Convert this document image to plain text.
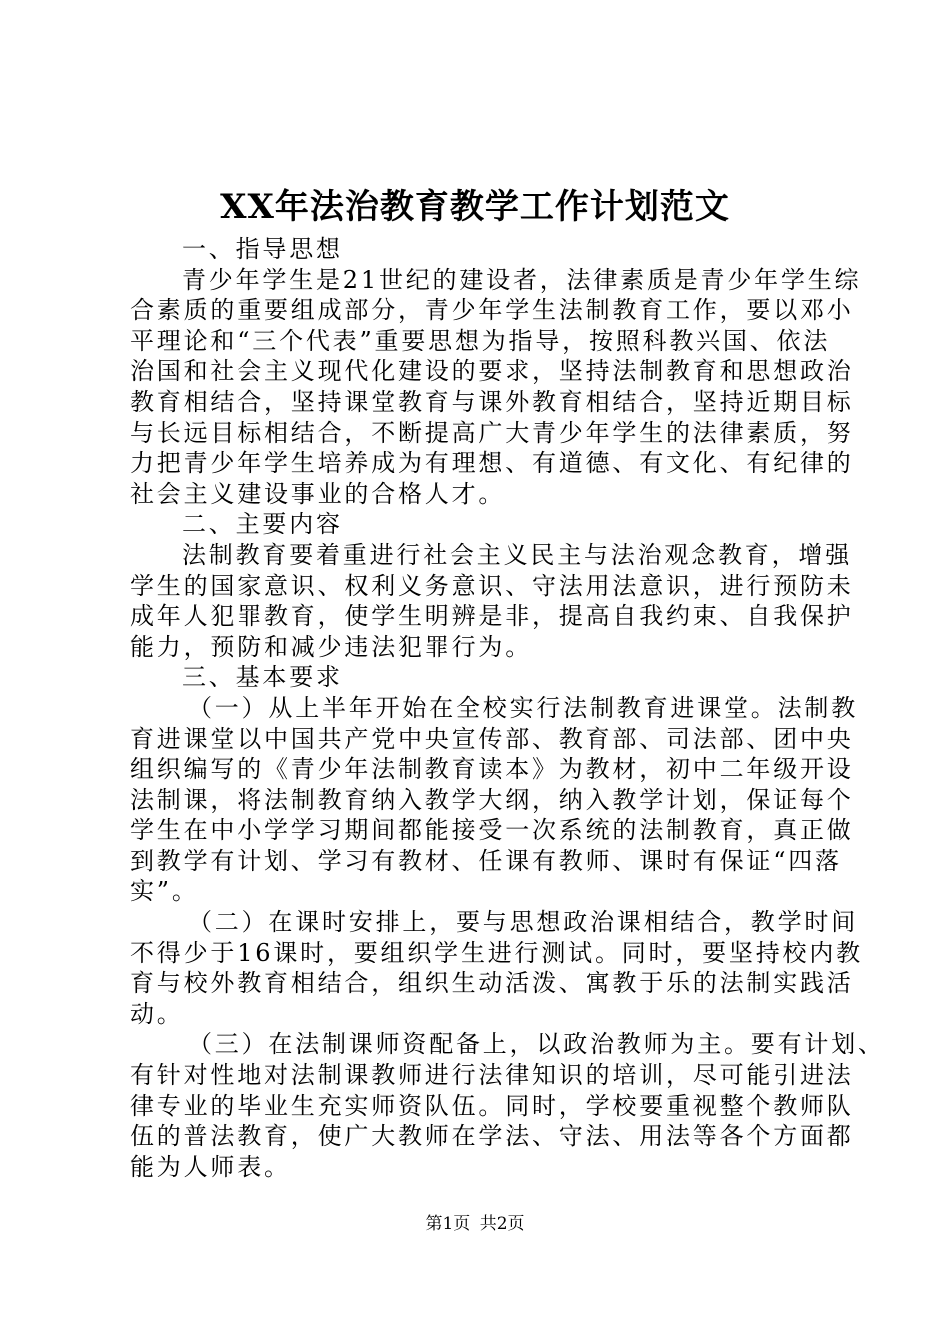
XX年法治教育教学工作计划范文
一、指导思想
青少年学生是21世纪的建设者，法律素质是青少年学生综
合素质的重要组成部分，青少年学生法制教育工作，要以邓小
平理论和“三个代表”重要思想为指导，按照科教兴国、依法
治国和社会主义现代化建设的要求，坚持法制教育和思想政治
教育相结合，坚持课堂教育与课外教育相结合，坚持近期目标
与长远目标相结合，不断提高广大青少年学生的法律素质，努
力把青少年学生培养成为有理想、有道德、有文化、有纪律的
社会主义建设事业的合格人才。
二、主要内容
法制教育要着重进行社会主义民主与法治观念教育，增强
学生的国家意识、权利义务意识、守法用法意识，进行预防未
成年人犯罪教育，使学生明辨是非，提高自我约束、自我保护
能力，预防和减少违法犯罪行为。
三、基本要求
（一）从上半年开始在全校实行法制教育进课堂。法制教
育进课堂以中国共产党中央宣传部、教育部、司法部、团中央
组织编写的《青少年法制教育读本》为教材，初中二年级开设
法制课，将法制教育纳入教学大纲，纳入教学计划，保证每个
学生在中小学学习期间都能接受一次系统的法制教育，真正做
到教学有计划、学习有教材、任课有教师、课时有保证“四落
实”。
（二）在课时安排上，要与思想政治课相结合，教学时间
不得少于16课时，要组织学生进行测试。同时，要坚持校内教
育与校外教育相结合，组织生动活泼、寓教于乐的法制实践活
动。
（三）在法制课师资配备上，以政治教师为主。要有计划、
有针对性地对法制课教师进行法律知识的培训，尽可能引进法
律专业的毕业生充实师资队伍。同时，学校要重视整个教师队
伍的普法教育，使广大教师在学法、守法、用法等各个方面都
能为人师表。
第1页 共2页
